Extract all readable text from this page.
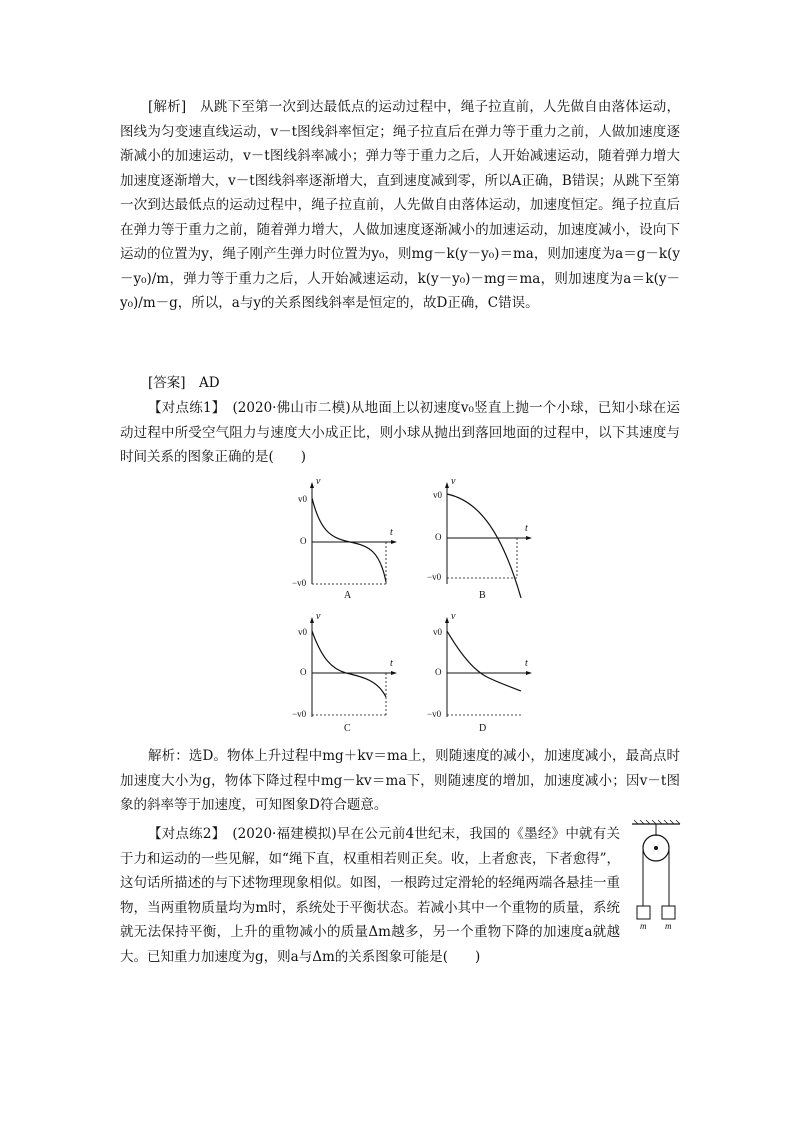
[解析]　从跳下至第一次到达最低点的运动过程中，绳子拉直前，人先做自由落体运动，图线为匀变速直线运动，v－t图线斜率恒定；绳子拉直后在弹力等于重力之前，人做加速度逐渐减小的加速运动，v－t图线斜率减小；弹力等于重力之后，人开始减速运动，随着弹力增大加速度逐渐增大，v－t图线斜率逐渐增大，直到速度减到零，所以A正确，B错误；从跳下至第一次到达最低点的运动过程中，绳子拉直前，人先做自由落体运动，加速度恒定。绳子拉直后在弹力等于重力之前，随着弹力增大，人做加速度逐渐减小的加速运动，加速度减小，设向下运动的位置为y，绳子刚产生弹力时位置为y₀，则mg－k(y－y₀)＝ma，则加速度为a＝g－k(y－y₀)/m，弹力等于重力之后，人开始减速运动，k(y－y₀)－mg＝ma，则加速度为a＝k(y－y₀)/m－g，所以，a与y的关系图线斜率是恒定的，故D正确，C错误。

[答案]　AD

【对点练1】　(2020·佛山市二模)从地面上以初速度v₀竖直上抛一个小球，已知小球在运动过程中所受空气阻力与速度大小成正比，则小球从抛出到落回地面的过程中，以下其速度与时间关系的图象正确的是(　　)

v
t
O
v0
−v0
A
v
t
O
v0
−v0
B
v
t
O
v0
−v0
C
v
t
O
v0
−v0
D

解析：选D。物体上升过程中mg＋kv＝ma上，则随速度的减小，加速度减小，最高点时加速度大小为g，物体下降过程中mg－kv＝ma下，则随速度的增加，加速度减小；因v－t图象的斜率等于加速度，可知图象D符合题意。

【对点练2】　(2020·福建模拟)早在公元前4世纪末，我国的《墨经》中就有关于力和运动的一些见解，如“绳下直，权重相若则正矣。收，上者愈丧，下者愈得”，这句话所描述的与下述物理现象相似。如图，一根跨过定滑轮的轻绳两端各悬挂一重物，当两重物质量均为m时，系统处于平衡状态。若减小其中一个重物的质量，系统就无法保持平衡，上升的重物减小的质量Δm越多，另一个重物下降的加速度a就越大。已知重力加速度为g，则a与Δm的关系图象可能是(　　)

m m
